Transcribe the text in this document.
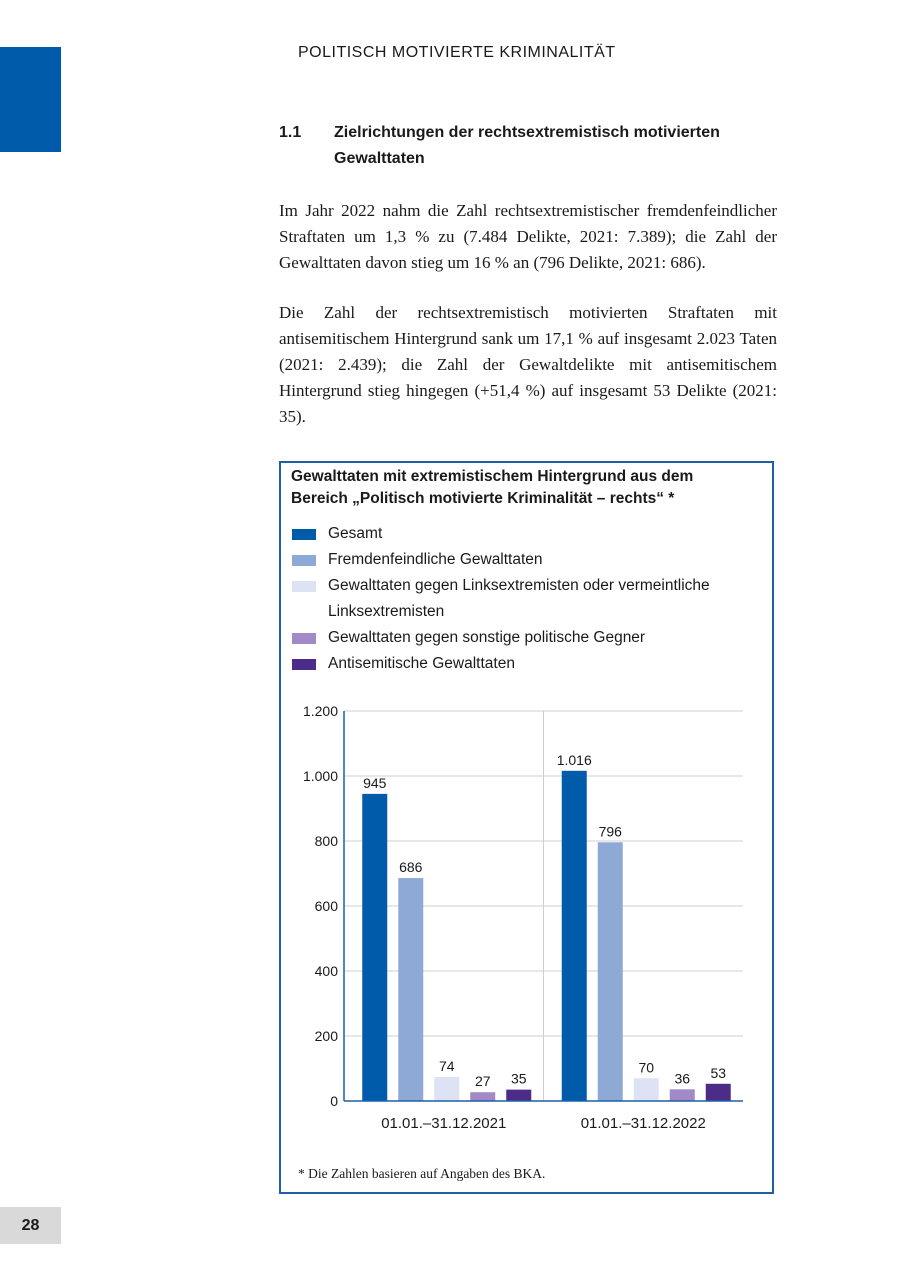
POLITISCH MOTIVIERTE KRIMINALITÄT
1.1 Zielrichtungen der rechtsextremistisch motivierten Gewalttaten

Im Jahr 2022 nahm die Zahl rechtsextremistischer fremdenfeindlicher Straftaten um 1,3 % zu (7.484 Delikte, 2021: 7.389); die Zahl der Gewalttaten davon stieg um 16 % an (796 Delikte, 2021: 686).

Die Zahl der rechtsextremistisch motivierten Straftaten mit antisemitischem Hintergrund sank um 17,1 % auf insgesamt 2.023 Taten (2021: 2.439); die Zahl der Gewaltdelikte mit antisemitischem Hintergrund stieg hingegen (+51,4 %) auf insgesamt 53 Delikte (2021: 35).

Gewalttaten mit extremistischem Hintergrund aus dem Bereich „Politisch motivierte Kriminalität – rechts“ *
Gesamt
Fremdenfeindliche Gewalttaten
Gewalttaten gegen Linksextremisten oder vermeintliche Linksextremisten
Gewalttaten gegen sonstige politische Gegner
Antisemitische Gewalttaten
0
200
400
600
800
1.000
1.200
945
686
74
27 35
01.01.–31.12.2021
1.016
796
70
36 53
01.01.–31.12.2022
* Die Zahlen basieren auf Angaben des BKA.
28
